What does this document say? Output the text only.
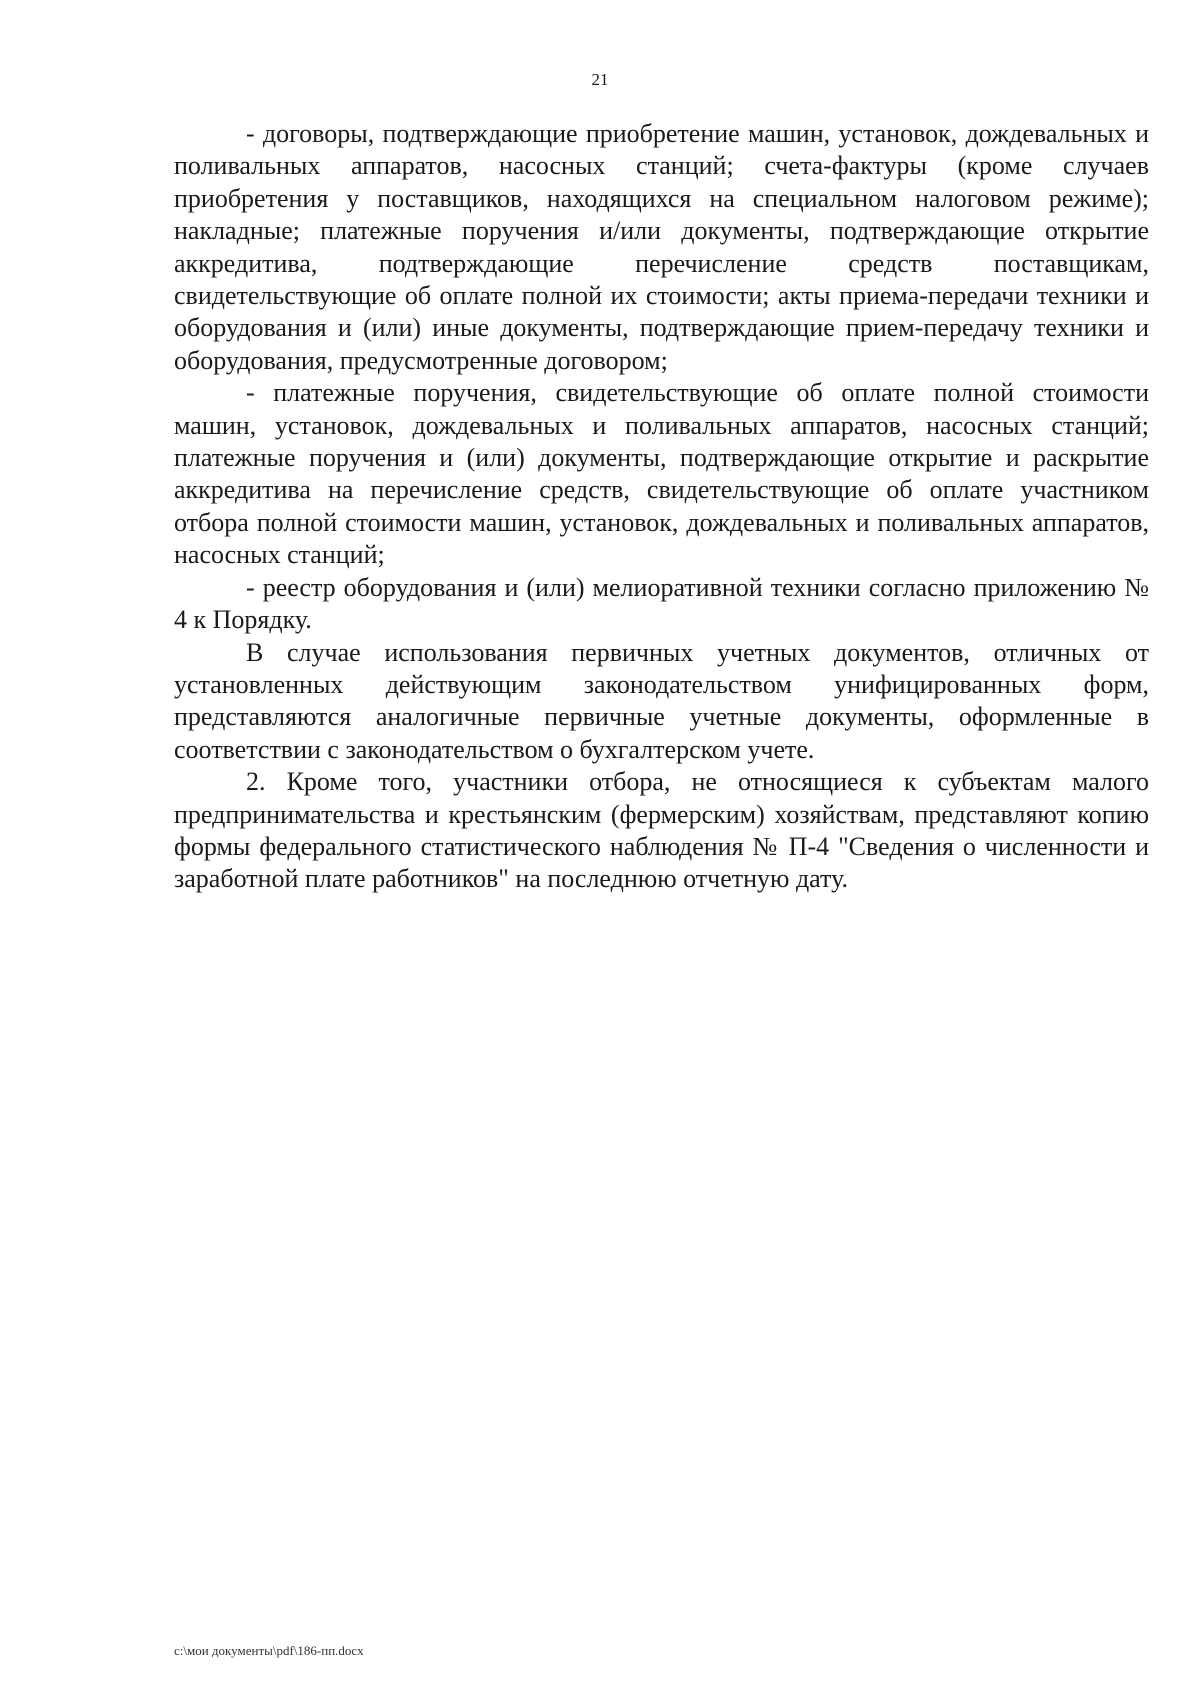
21

- договоры, подтверждающие приобретение машин, установок, дождевальных и поливальных аппаратов, насосных станций; счета-фактуры (кроме случаев приобретения у поставщиков, находящихся на специальном налоговом режиме); накладные; платежные поручения и/или документы, подтверждающие открытие аккредитива, подтверждающие перечисление средств поставщикам, свидетельствующие об оплате полной их стоимости; акты приема-передачи техники и оборудования и (или) иные документы, подтверждающие прием-передачу техники и оборудования, предусмотренные договором;

- платежные поручения, свидетельствующие об оплате полной стоимости машин, установок, дождевальных и поливальных аппаратов, насосных станций; платежные поручения и (или) документы, подтверждающие открытие и раскрытие аккредитива на перечисление средств, свидетельствующие об оплате участником отбора полной стоимости машин, установок, дождевальных и поливальных аппаратов, насосных станций;

- реестр оборудования и (или) мелиоративной техники согласно приложению № 4 к Порядку.

В случае использования первичных учетных документов, отличных от установленных действующим законодательством унифицированных форм, представляются аналогичные первичные учетные документы, оформленные в соответствии с законодательством о бухгалтерском учете.

2. Кроме того, участники отбора, не относящиеся к субъектам малого предпринимательства и крестьянским (фермерским) хозяйствам, представляют копию формы федерального статистического наблюдения № П-4 "Сведения о численности и заработной плате работников" на последнюю отчетную дату.

c:\мои документы\pdf\186-пп.docx
